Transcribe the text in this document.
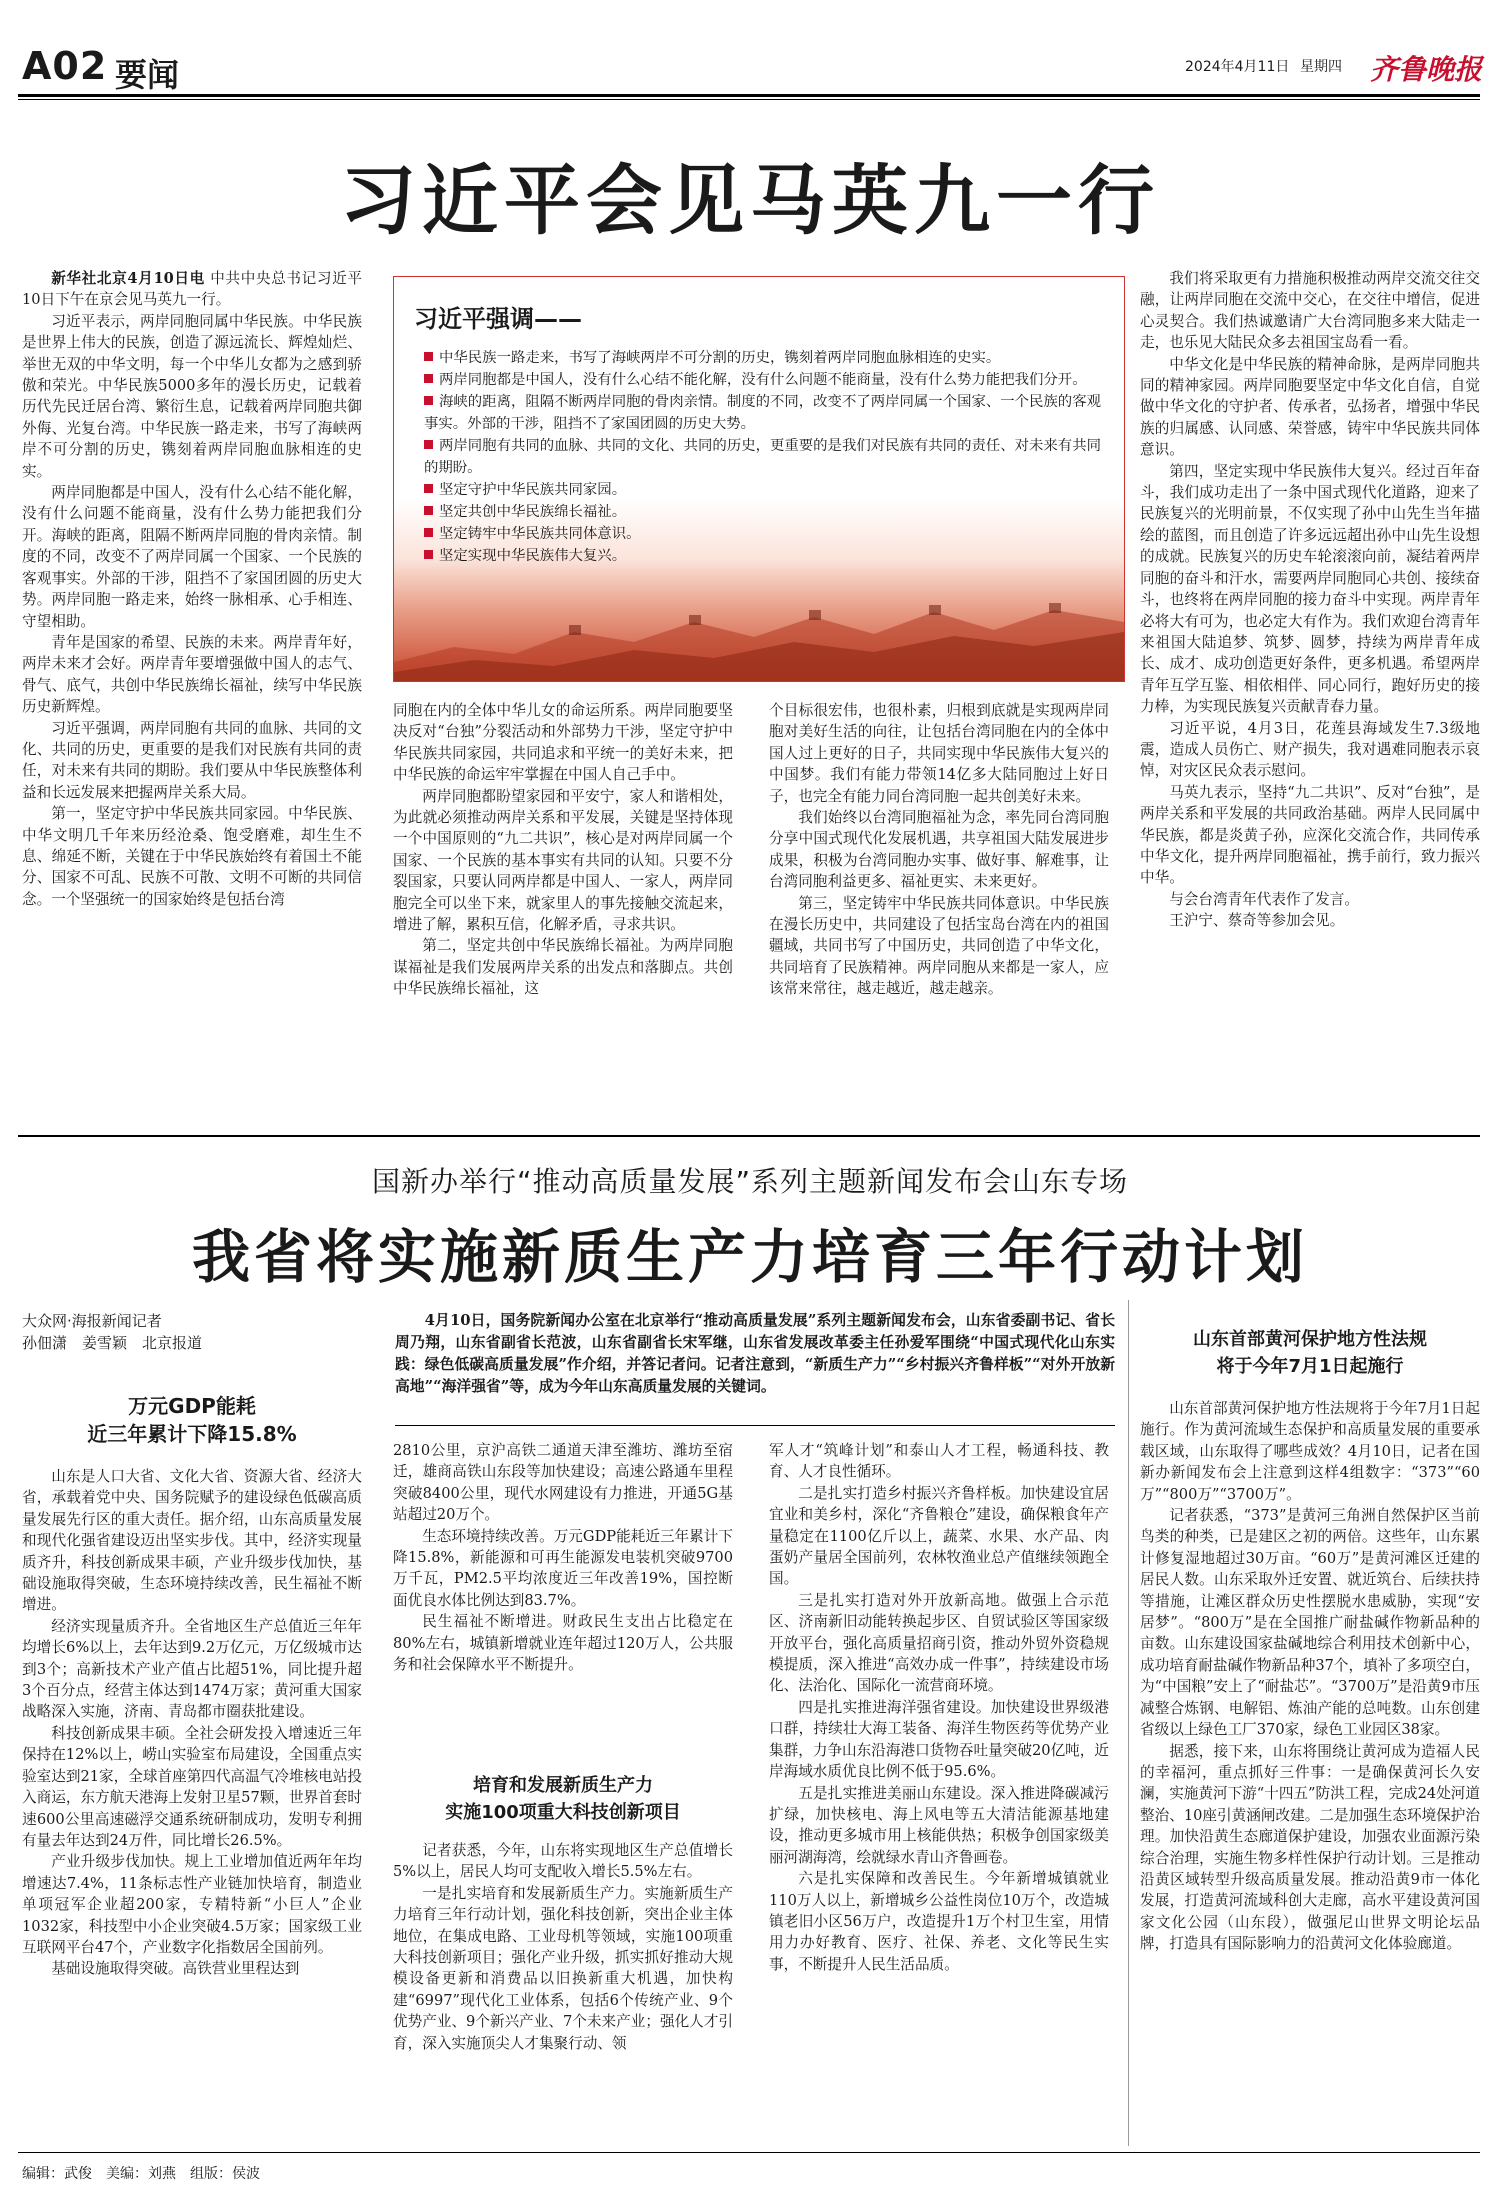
A02 要闻	2024年4月11日 星期四 齐鲁晚报
习近平会见马英九一行

新华社北京4月10日电 中共中央总书记习近平10日下午在京会见马英九一行。

习近平表示，两岸同胞同属中华民族。中华民族是世界上伟大的民族，创造了源远流长、辉煌灿烂、举世无双的中华文明，每一个中华儿女都为之感到骄傲和荣光。中华民族5000多年的漫长历史，记载着历代先民迁居台湾、繁衍生息，记载着两岸同胞共御外侮、光复台湾。中华民族一路走来，书写了海峡两岸不可分割的历史，镌刻着两岸同胞血脉相连的史实。

两岸同胞都是中国人，没有什么心结不能化解，没有什么问题不能商量，没有什么势力能把我们分开。海峡的距离，阻隔不断两岸同胞的骨肉亲情。制度的不同，改变不了两岸同属一个国家、一个民族的客观事实。外部的干涉，阻挡不了家国团圆的历史大势。两岸同胞一路走来，始终一脉相承、心手相连、守望相助。

青年是国家的希望、民族的未来。两岸青年好，两岸未来才会好。两岸青年要增强做中国人的志气、骨气、底气，共创中华民族绵长福祉，续写中华民族历史新辉煌。

习近平强调，两岸同胞有共同的血脉、共同的文化、共同的历史，更重要的是我们对民族有共同的责任，对未来有共同的期盼。我们要从中华民族整体利益和长远发展来把握两岸关系大局。

第一，坚定守护中华民族共同家园。中华民族、中华文明几千年来历经沧桑、饱受磨难，却生生不息、绵延不断，关键在于中华民族始终有着国土不能分、国家不可乱、民族不可散、文明不可断的共同信念。一个坚强统一的国家始终是包括台湾

同胞在内的全体中华儿女的命运所系。两岸同胞要坚决反对“台独”分裂活动和外部势力干涉，坚定守护中华民族共同家园，共同追求和平统一的美好未来，把中华民族的命运牢牢掌握在中国人自己手中。

两岸同胞都盼望家园和平安宁，家人和谐相处，为此就必须推动两岸关系和平发展，关键是坚持体现一个中国原则的“九二共识”，核心是对两岸同属一个国家、一个民族的基本事实有共同的认知。只要不分裂国家，只要认同两岸都是中国人、一家人，两岸同胞完全可以坐下来，就家里人的事先接触交流起来，增进了解，累积互信，化解矛盾，寻求共识。

第二，坚定共创中华民族绵长福祉。为两岸同胞谋福祉是我们发展两岸关系的出发点和落脚点。共创中华民族绵长福祉，这

个目标很宏伟，也很朴素，归根到底就是实现两岸同胞对美好生活的向往，让包括台湾同胞在内的全体中国人过上更好的日子，共同实现中华民族伟大复兴的中国梦。我们有能力带领14亿多大陆同胞过上好日子，也完全有能力同台湾同胞一起共创美好未来。

我们始终以台湾同胞福祉为念，率先同台湾同胞分享中国式现代化发展机遇，共享祖国大陆发展进步成果，积极为台湾同胞办实事、做好事、解难事，让台湾同胞利益更多、福祉更实、未来更好。

第三，坚定铸牢中华民族共同体意识。中华民族在漫长历史中，共同建设了包括宝岛台湾在内的祖国疆域，共同书写了中国历史，共同创造了中华文化，共同培育了民族精神。两岸同胞从来都是一家人，应该常来常往，越走越近，越走越亲。

我们将采取更有力措施积极推动两岸交流交往交融，让两岸同胞在交流中交心，在交往中增信，促进心灵契合。我们热诚邀请广大台湾同胞多来大陆走一走，也乐见大陆民众多去祖国宝岛看一看。

中华文化是中华民族的精神命脉，是两岸同胞共同的精神家园。两岸同胞要坚定中华文化自信，自觉做中华文化的守护者、传承者，弘扬者，增强中华民族的归属感、认同感、荣誉感，铸牢中华民族共同体意识。

第四，坚定实现中华民族伟大复兴。经过百年奋斗，我们成功走出了一条中国式现代化道路，迎来了民族复兴的光明前景，不仅实现了孙中山先生当年描绘的蓝图，而且创造了许多远远超出孙中山先生设想的成就。民族复兴的历史车轮滚滚向前，凝结着两岸同胞的奋斗和汗水，需要两岸同胞同心共创、接续奋斗，也终将在两岸同胞的接力奋斗中实现。两岸青年必将大有可为，也必定大有作为。我们欢迎台湾青年来祖国大陆追梦、筑梦、圆梦，持续为两岸青年成长、成才、成功创造更好条件，更多机遇。希望两岸青年互学互鉴、相依相伴、同心同行，跑好历史的接力棒，为实现民族复兴贡献青春力量。

习近平说，4月3日，花莲县海域发生7.3级地震，造成人员伤亡、财产损失，我对遇难同胞表示哀悼，对灾区民众表示慰问。

马英九表示，坚持“九二共识”、反对“台独”，是两岸关系和平发展的共同政治基础。两岸人民同属中华民族，都是炎黄子孙，应深化交流合作，共同传承中华文化，提升两岸同胞福祉，携手前行，致力振兴中华。

与会台湾青年代表作了发言。

王沪宁、蔡奇等参加会见。

习近平强调——
中华民族一路走来，书写了海峡两岸不可分割的历史，镌刻着两岸同胞血脉相连的史实。
两岸同胞都是中国人，没有什么心结不能化解，没有什么问题不能商量，没有什么势力能把我们分开。
海峡的距离，阻隔不断两岸同胞的骨肉亲情。制度的不同，改变不了两岸同属一个国家、一个民族的客观事实。外部的干涉，阻挡不了家国团圆的历史大势。
两岸同胞有共同的血脉、共同的文化、共同的历史，更重要的是我们对民族有共同的责任、对未来有共同的期盼。
坚定守护中华民族共同家园。
坚定共创中华民族绵长福祉。
坚定铸牢中华民族共同体意识。
坚定实现中华民族伟大复兴。
国新办举行“推动高质量发展”系列主题新闻发布会山东专场
我省将实施新质生产力培育三年行动计划
大众网·海报新闻记者
孙佃潇　姜雪颖　北京报道
4月10日，国务院新闻办公室在北京举行“推动高质量发展”系列主题新闻发布会，山东省委副书记、省长周乃翔，山东省副省长范波，山东省副省长宋军继，山东省发展改革委主任孙爱军围绕“中国式现代化山东实践：绿色低碳高质量发展”作介绍，并答记者问。记者注意到，“新质生产力”“乡村振兴齐鲁样板”“对外开放新高地”“海洋强省”等，成为今年山东高质量发展的关键词。
万元GDP能耗
近三年累计下降15.8%

山东是人口大省、文化大省、资源大省、经济大省，承载着党中央、国务院赋予的建设绿色低碳高质量发展先行区的重大责任。据介绍，山东高质量发展和现代化强省建设迈出坚实步伐。其中，经济实现量质齐升，科技创新成果丰硕，产业升级步伐加快，基础设施取得突破，生态环境持续改善，民生福祉不断增进。

经济实现量质齐升。全省地区生产总值近三年年均增长6%以上，去年达到9.2万亿元，万亿级城市达到3个；高新技术产业产值占比超51%，同比提升超3个百分点，经营主体达到1474万家；黄河重大国家战略深入实施，济南、青岛都市圈获批建设。

科技创新成果丰硕。全社会研发投入增速近三年保持在12%以上，崂山实验室布局建设，全国重点实验室达到21家，全球首座第四代高温气冷堆核电站投入商运，东方航天港海上发射卫星57颗，世界首套时速600公里高速磁浮交通系统研制成功，发明专利拥有量去年达到24万件，同比增长26.5%。

产业升级步伐加快。规上工业增加值近两年年均增速达7.4%，11条标志性产业链加快培育，制造业单项冠军企业超200家，专精特新“小巨人”企业1032家，科技型中小企业突破4.5万家；国家级工业互联网平台47个，产业数字化指数居全国前列。

基础设施取得突破。高铁营业里程达到

2810公里，京沪高铁二通道天津至潍坊、潍坊至宿迁，雄商高铁山东段等加快建设；高速公路通车里程突破8400公里，现代水网建设有力推进，开通5G基站超过20万个。

生态环境持续改善。万元GDP能耗近三年累计下降15.8%，新能源和可再生能源发电装机突破9700万千瓦，PM2.5平均浓度近三年改善19%，国控断面优良水体比例达到83.7%。

民生福祉不断增进。财政民生支出占比稳定在80%左右，城镇新增就业连年超过120万人，公共服务和社会保障水平不断提升。

培育和发展新质生产力
实施100项重大科技创新项目

记者获悉，今年，山东将实现地区生产总值增长5%以上，居民人均可支配收入增长5.5%左右。

一是扎实培育和发展新质生产力。实施新质生产力培育三年行动计划，强化科技创新，突出企业主体地位，在集成电路、工业母机等领域，实施100项重大科技创新项目；强化产业升级，抓实抓好推动大规模设备更新和消费品以旧换新重大机遇，加快构建“6997”现代化工业体系，包括6个传统产业、9个优势产业、9个新兴产业、7个未来产业；强化人才引育，深入实施顶尖人才集聚行动、领

军人才“筑峰计划”和泰山人才工程，畅通科技、教育、人才良性循环。

二是扎实打造乡村振兴齐鲁样板。加快建设宜居宜业和美乡村，深化“齐鲁粮仓”建设，确保粮食年产量稳定在1100亿斤以上，蔬菜、水果、水产品、肉蛋奶产量居全国前列，农林牧渔业总产值继续领跑全国。

三是扎实打造对外开放新高地。做强上合示范区、济南新旧动能转换起步区、自贸试验区等国家级开放平台，强化高质量招商引资，推动外贸外资稳规模提质，深入推进“高效办成一件事”，持续建设市场化、法治化、国际化一流营商环境。

四是扎实推进海洋强省建设。加快建设世界级港口群，持续壮大海工装备、海洋生物医药等优势产业集群，力争山东沿海港口货物吞吐量突破20亿吨，近岸海域水质优良比例不低于95.6%。

五是扎实推进美丽山东建设。深入推进降碳减污扩绿，加快核电、海上风电等五大清洁能源基地建设，推动更多城市用上核能供热；积极争创国家级美丽河湖海湾，绘就绿水青山齐鲁画卷。

六是扎实保障和改善民生。今年新增城镇就业110万人以上，新增城乡公益性岗位10万个，改造城镇老旧小区56万户，改造提升1万个村卫生室，用情用力办好教育、医疗、社保、养老、文化等民生实事，不断提升人民生活品质。

山东首部黄河保护地方性法规
将于今年7月1日起施行

山东首部黄河保护地方性法规将于今年7月1日起施行。作为黄河流域生态保护和高质量发展的重要承载区域，山东取得了哪些成效？4月10日，记者在国新办新闻发布会上注意到这样4组数字：“373”“60万”“800万”“3700万”。

记者获悉，“373”是黄河三角洲自然保护区当前鸟类的种类，已是建区之初的两倍。这些年，山东累计修复湿地超过30万亩。“60万”是黄河滩区迁建的居民人数。山东采取外迁安置、就近筑台、后续扶持等措施，让滩区群众历史性摆脱水患威胁，实现“安居梦”。“800万”是在全国推广耐盐碱作物新品种的亩数。山东建设国家盐碱地综合利用技术创新中心，成功培育耐盐碱作物新品种37个，填补了多项空白，为“中国粮”安上了“耐盐芯”。“3700万”是沿黄9市压减整合炼钢、电解铝、炼油产能的总吨数。山东创建省级以上绿色工厂370家，绿色工业园区38家。

据悉，接下来，山东将围绕让黄河成为造福人民的幸福河，重点抓好三件事：一是确保黄河长久安澜，实施黄河下游“十四五”防洪工程，完成24处河道整治、10座引黄涵闸改建。二是加强生态环境保护治理。加快沿黄生态廊道保护建设，加强农业面源污染综合治理，实施生物多样性保护行动计划。三是推动沿黄区域转型升级高质量发展。推动沿黄9市一体化发展，打造黄河流域科创大走廊，高水平建设黄河国家文化公园（山东段），做强尼山世界文明论坛品牌，打造具有国际影响力的沿黄河文化体验廊道。

编辑：武俊　美编：刘燕　组版：侯波
